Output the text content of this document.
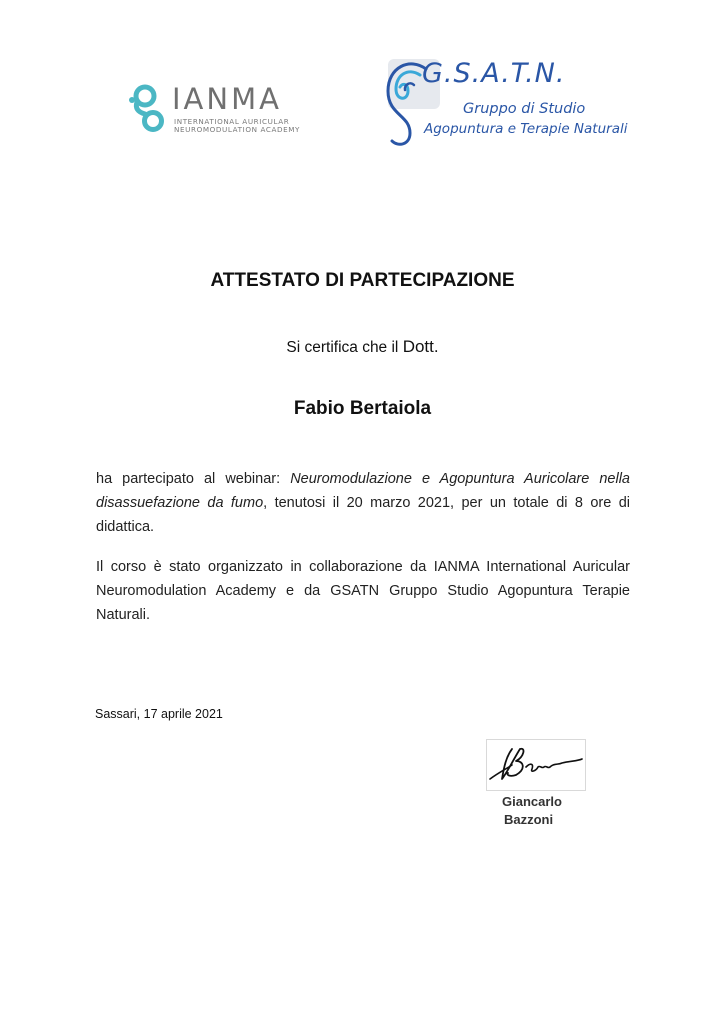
IANMA
INTERNATIONAL AURICULAR
NEUROMODULATION ACADEMY
G.S.A.T.N.
Gruppo di Studio
Agopuntura e Terapie Naturali
ATTESTATO DI PARTECIPAZIONE
Si certifica che il Dott.
Fabio Bertaiola
ha partecipato al webinar: Neuromodulazione e Agopuntura Auricolare nella disassuefazione da fumo, tenutosi il 20 marzo 2021, per un totale di 8 ore di didattica.
Il corso è stato organizzato in collaborazione da IANMA International Auricular Neuromodulation Academy e da GSATN Gruppo Studio Agopuntura Terapie Naturali.
Sassari, 17 aprile 2021
Giancarlo
Bazzoni
